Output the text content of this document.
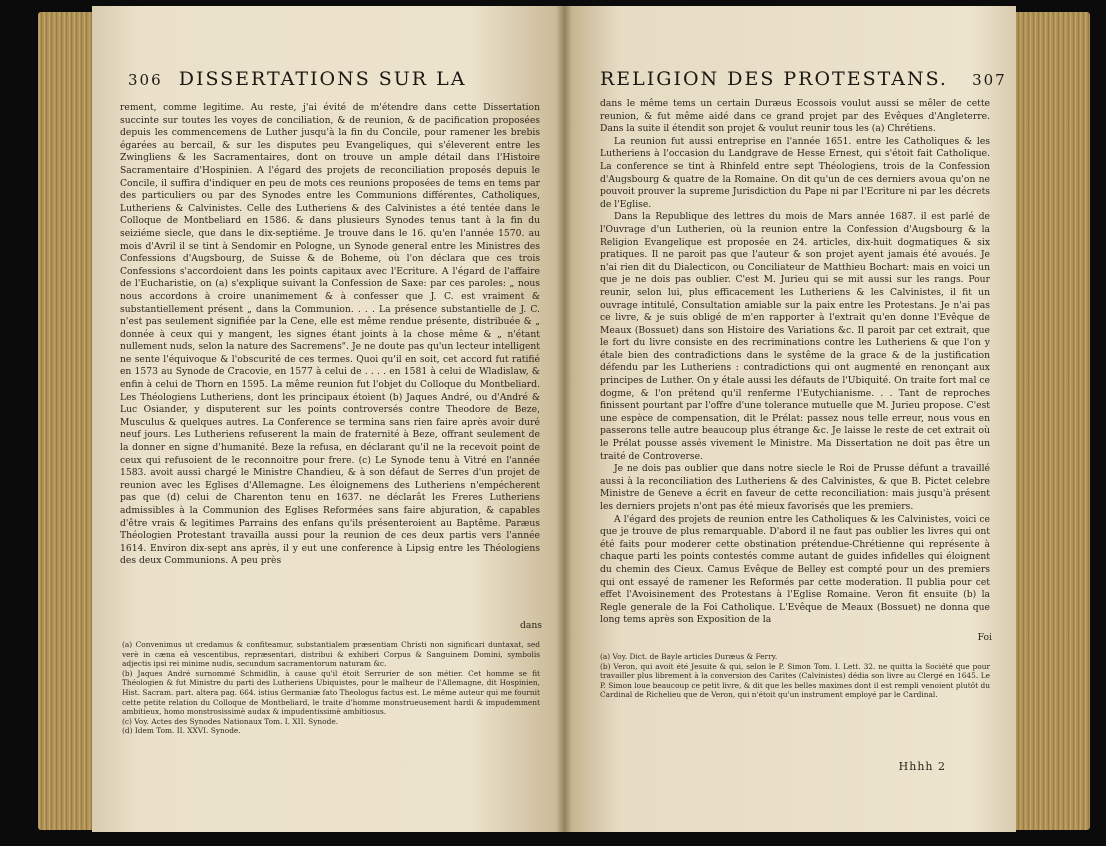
306 DISSERTATIONS SUR LA

rement, comme legitime. Au reste, j'ai évité de m'étendre dans cette Dissertation succinte sur toutes les voyes de conciliation, & de reunion, & de pacification proposées depuis les commencemens de Luther jusqu'à la fin du Concile, pour ramener les brebis égarées au bercail, & sur les disputes peu Evangeliques, qui s'éleverent entre les Zwingliens & les Sacramentaires, dont on trouve un ample détail dans l'Histoire Sacramentaire d'Hospinien. A l'égard des projets de reconciliation proposés depuis le Concile, il suffira d'indiquer en peu de mots ces reunions proposées de tems en tems par des particuliers ou par des Synodes entre les Communions différentes, Catholiques, Lutheriens & Calvinistes. Celle des Lutheriens & des Calvinistes a été tentée dans le Colloque de Montbeliard en 1586. & dans plusieurs Synodes tenus tant à la fin du seiziéme siecle, que dans le dix-septiéme. Je trouve dans le 16. qu'en l'année 1570. au mois d'Avril il se tint à Sendomir en Pologne, un Synode general entre les Ministres des Confessions d'Augsbourg, de Suisse & de Boheme, où l'on déclara que ces trois Confessions s'accordoient dans les points capitaux avec l'Ecriture. A l'égard de l'affaire de l'Eucharistie, on (a) s'explique suivant la Confession de Saxe: par ces paroles: „ nous nous accordons à croire unanimement & à confesser que J. C. est vraiment & substantiellement présent „ dans la Communion. . . . La présence substantielle de J. C. n'est pas seulement signifiée par la Cene, elle est même rendue présente, distribuée & „ donnée à ceux qui y mangent, les signes étant joints à la chose même & „ n'étant nullement nuds, selon la nature des Sacremens". Je ne doute pas qu'un lecteur intelligent ne sente l'équivoque & l'obscurité de ces termes. Quoi qu'il en soit, cet accord fut ratifié en 1573 au Synode de Cracovie, en 1577 à celui de . . . . en 1581 à celui de Wladislaw, & enfin à celui de Thorn en 1595. La même reunion fut l'objet du Colloque du Montbeliard. Les Théologiens Lutheriens, dont les principaux étoient (b) Jaques André, ou d'André & Luc Osiander, y disputerent sur les points controversés contre Theodore de Beze, Musculus & quelques autres. La Conference se termina sans rien faire après avoir duré neuf jours. Les Lutheriens refuserent la main de fraternité à Beze, offrant seulement de la donner en signe d'humanité. Beze la refusa, en déclarant qu'il ne la recevoit point de ceux qui refusoient de le reconnoitre pour frere. (c) Le Synode tenu à Vitré en l'année 1583. avoit aussi chargé le Ministre Chandieu, & à son défaut de Serres d'un projet de reunion avec les Eglises d'Allemagne. Les éloignemens des Lutheriens n'empécherent pas que (d) celui de Charenton tenu en 1637. ne déclarât les Freres Lutheriens admissibles à la Communion des Eglises Reformées sans faire abjuration, & capables d'être vrais & legitimes Parrains des enfans qu'ils présenteroient au Baptême. Paræus Théologien Protestant travailla aussi pour la reunion de ces deux partis vers l'année 1614. Environ dix-sept ans après, il y eut une conference à Lipsig entre les Théologiens des deux Communions. A peu près

dans

(a) Convenimus ut credamus & confiteamur, substantialem præsentiam Christi non significari duntaxat, sed verè in cæna eâ vescentibus, repræsentari, distribui & exhiberi Corpus & Sanguinem Domini, symbolis adjectis ipsi rei minime nudis, secundum sacramentorum naturam &c.

(b) Jaques André surnommé Schmidlin, à cause qu'il étoit Serrurier de son métier. Cet homme se fit Théologien & fut Ministre du parti des Lutheriens Ubiquistes, pour le malheur de l'Allemagne, dit Hospinien, Hist. Sacram. part. altera pag. 664. istius Germaniæ fato Theologus factus est. Le même auteur qui me fournit cette petite relation du Colloque de Montbeliard, le traite d'homme monstrueusement hardi & impudemment ambitieux, homo monstrosissimè audax & impudentissimè ambitiosus.

(c) Voy. Actes des Synodes Nationaux Tom. I. XII. Synode.

(d) Idem Tom. II. XXVI. Synode.

RELIGION DES PROTESTANS. 307

dans le même tems un certain Duræus Ecossois voulut aussi se mêler de cette reunion, & fut même aidé dans ce grand projet par des Evêques d'Angleterre. Dans la suite il étendit son projet & voulut reunir tous les (a) Chrétiens.

La reunion fut aussi entreprise en l'année 1651. entre les Catholiques & les Lutheriens à l'occasion du Landgrave de Hesse Ernest, qui s'étoit fait Catholique. La conference se tint à Rhinfeld entre sept Théologiens, trois de la Confession d'Augsbourg & quatre de la Romaine. On dit qu'un de ces derniers avoua qu'on ne pouvoit prouver la supreme Jurisdiction du Pape ni par l'Ecriture ni par les décrets de l'Eglise.

Dans la Republique des lettres du mois de Mars année 1687. il est parlé de l'Ouvrage d'un Lutherien, où la reunion entre la Confession d'Augsbourg & la Religion Evangelique est proposée en 24. articles, dix-huit dogmatiques & six pratiques. Il ne paroit pas que l'auteur & son projet ayent jamais été avoués. Je n'ai rien dit du Dialecticon, ou Conciliateur de Matthieu Bochart: mais en voici un que je ne dois pas oublier. C'est M. Jurieu qui se mit aussi sur les rangs. Pour reunir, selon lui, plus efficacement les Lutheriens & les Calvinistes, il fit un ouvrage intitulé, Consultation amiable sur la paix entre les Protestans. Je n'ai pas ce livre, & je suis obligé de m'en rapporter à l'extrait qu'en donne l'Evêque de Meaux (Bossuet) dans son Histoire des Variations &c. Il paroit par cet extrait, que le fort du livre consiste en des recriminations contre les Lutheriens & que l'on y étale bien des contradictions dans le systême de la grace & de la justification défendu par les Lutheriens : contradictions qui ont augmenté en renonçant aux principes de Luther. On y étale aussi les défauts de l'Ubiquité. On traite fort mal ce dogme, & l'on prétend qu'il renferme l'Eutychianisme. . . Tant de reproches finissent pourtant par l'offre d'une tolerance mutuelle que M. Jurieu propose. C'est une espèce de compensation, dit le Prélat: passez nous telle erreur, nous vous en passerons telle autre beaucoup plus étrange &c. Je laisse le reste de cet extrait où le Prélat pousse assés vivement le Ministre. Ma Dissertation ne doit pas être un traité de Controverse.

Je ne dois pas oublier que dans notre siecle le Roi de Prusse défunt a travaillé aussi à la reconciliation des Lutheriens & des Calvinistes, & que B. Pictet celebre Ministre de Geneve a écrit en faveur de cette reconciliation: mais jusqu'à présent les derniers projets n'ont pas été mieux favorisés que les premiers.

A l'égard des projets de reunion entre les Catholiques & les Calvinistes, voici ce que je trouve de plus remarquable. D'abord il ne faut pas oublier les livres qui ont été faits pour moderer cette obstination prétendue-Chrétienne qui représente à chaque parti les points contestés comme autant de guides infidelles qui éloignent du chemin des Cieux. Camus Evêque de Belley est compté pour un des premiers qui ont essayé de ramener les Reformés par cette moderation. Il publia pour cet effet l'Avoisinement des Protestans à l'Eglise Romaine. Veron fit ensuite (b) la Regle generale de la Foi Catholique. L'Evêque de Meaux (Bossuet) ne donna que long tems après son Exposition de la

Foi

(a) Voy. Dict. de Bayle articles Duræus & Ferry.

(b) Veron, qui avoit été Jesuite & qui, selon le P. Simon Tom. I. Lett. 32. ne quitta la Société que pour travailler plus librement à la conversion des Carites (Calvinistes) dédia son livre au Clergé en 1645. Le P. Simon loue beaucoup ce petit livre, & dit que les belles maximes dont il est rempli venoient plutôt du Cardinal de Richelieu que de Veron, qui n'étoit qu'un instrument employé par le Cardinal.

Hhhh 2
